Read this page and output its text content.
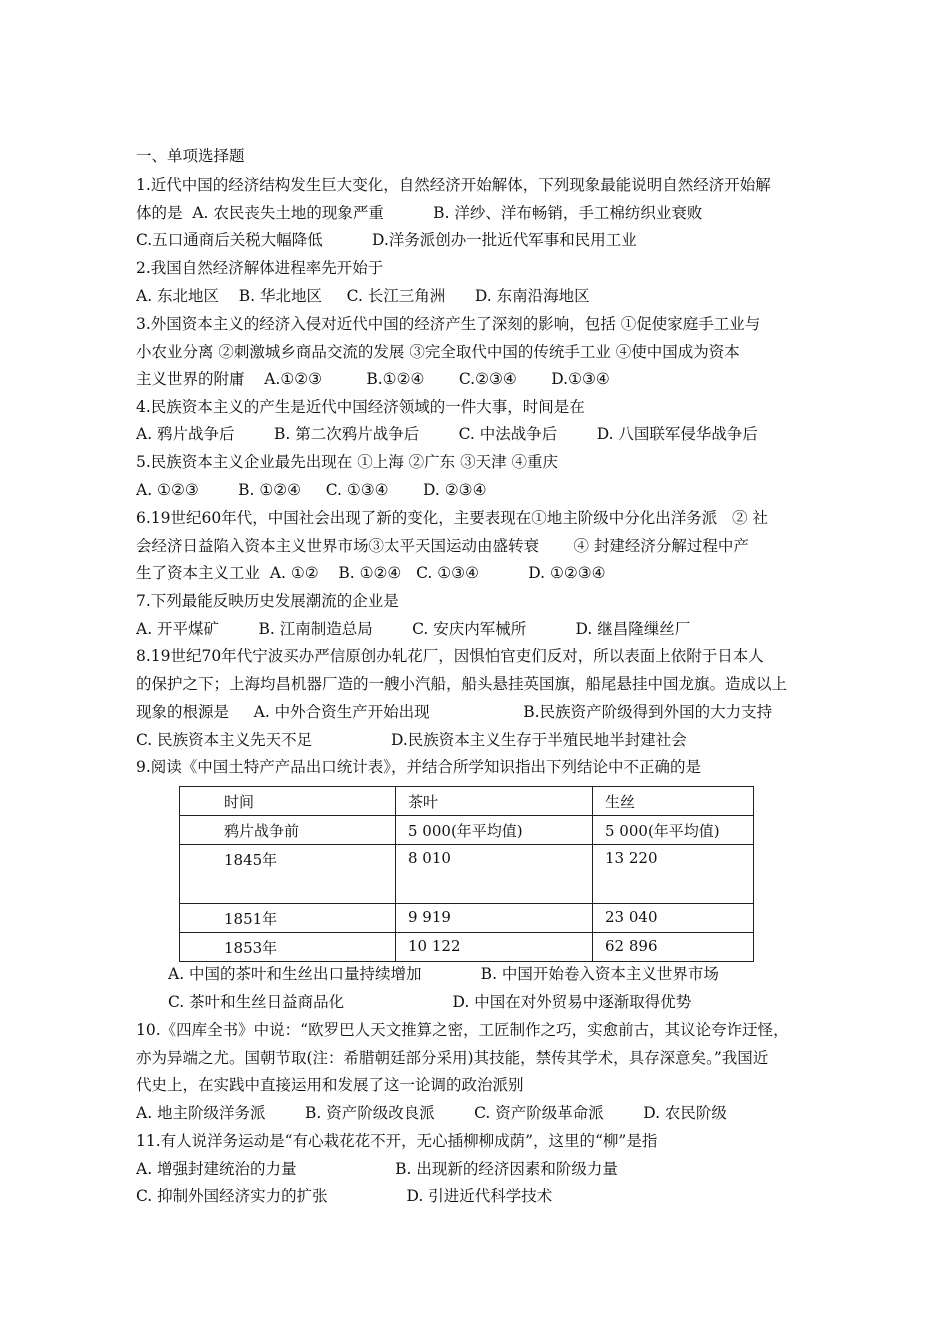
一、单项选择题
1.近代中国的经济结构发生巨大变化，自然经济开始解体，下列现象最能说明自然经济开始解
体的是  A. 农民丧失土地的现象严重          B. 洋纱、洋布畅销，手工棉纺织业衰败
C.五口通商后关税大幅降低          D.洋务派创办一批近代军事和民用工业
2.我国自然经济解体进程率先开始于
A. 东北地区    B. 华北地区     C. 长江三角洲      D. 东南沿海地区
3.外国资本主义的经济入侵对近代中国的经济产生了深刻的影响，包括 ①促使家庭手工业与
小农业分离 ②刺激城乡商品交流的发展 ③完全取代中国的传统手工业 ④使中国成为资本
主义世界的附庸    A.①②③         B.①②④       C.②③④       D.①③④
4.民族资本主义的产生是近代中国经济领域的一件大事，时间是在
A. 鸦片战争后        B. 第二次鸦片战争后        C. 中法战争后        D. 八国联军侵华战争后
5.民族资本主义企业最先出现在 ①上海 ②广东 ③天津 ④重庆
A. ①②③        B. ①②④     C. ①③④       D. ②③④
6.19世纪60年代，中国社会出现了新的变化，主要表现在①地主阶级中分化出洋务派   ② 社
会经济日益陷入资本主义世界市场③太平天国运动由盛转衰       ④ 封建经济分解过程中产
生了资本主义工业  A. ①②    B. ①②④   C. ①③④          D. ①②③④
7.下列最能反映历史发展潮流的企业是
A. 开平煤矿        B. 江南制造总局        C. 安庆内军械所          D. 继昌隆缫丝厂
8.19世纪70年代宁波买办严信原创办轧花厂，因惧怕官吏们反对，所以表面上依附于日本人
的保护之下；上海均昌机器厂造的一艘小汽船，船头悬挂英国旗，船尾悬挂中国龙旗。造成以上
现象的根源是     A. 中外合资生产开始出现                   B.民族资产阶级得到外国的大力支持
C. 民族资本主义先天不足                D.民族资本主义生存于半殖民地半封建社会
9.阅读《中国土特产产品出口统计表》，并结合所学知识指出下列结论中不正确的是
时间	茶叶	生丝
鸦片战争前	5 000(年平均值)	5 000(年平均值)
1845年	8 010	13 220
1851年	9 919	23 040
1853年	10 122	62 896
A. 中国的茶叶和生丝出口量持续增加            B. 中国开始卷入资本主义世界市场
C. 茶叶和生丝日益商品化                      D. 中国在对外贸易中逐渐取得优势
10.《四库全书》中说：“欧罗巴人天文推算之密，工匠制作之巧，实愈前古，其议论夸诈迂怪，
亦为异端之尤。国朝节取(注：希腊朝廷部分采用)其技能，禁传其学术，具存深意矣。”我国近
代史上，在实践中直接运用和发展了这一论调的政治派别
A. 地主阶级洋务派        B. 资产阶级改良派        C. 资产阶级革命派        D. 农民阶级
11.有人说洋务运动是“有心栽花花不开，无心插柳柳成荫”，这里的“柳”是指
A. 增强封建统治的力量                    B. 出现新的经济因素和阶级力量
C. 抑制外国经济实力的扩张                D. 引进近代科学技术
